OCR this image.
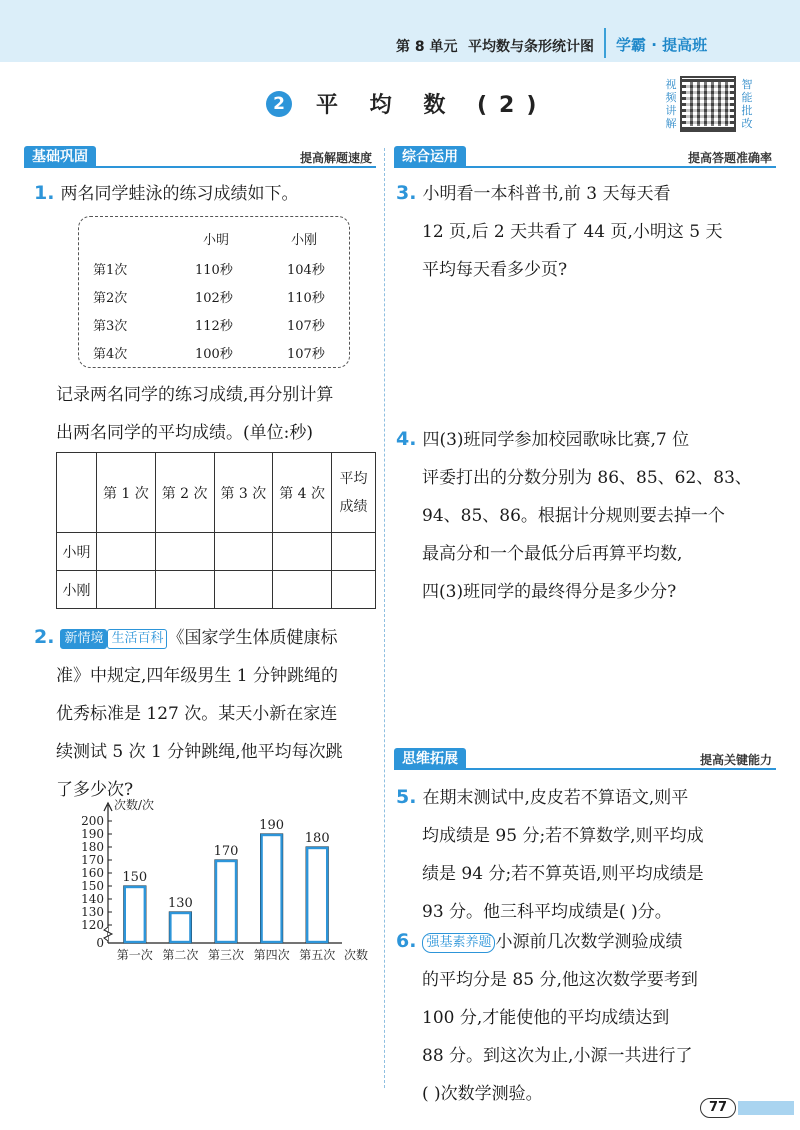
第 8 单元 平均数与条形统计图 学霸 · 提高班
2	平 均 数 (2)
视频讲解
智能批改
基础巩固	提高解题速度	综合运用	提高答题准确率
思维拓展	提高关键能力
1. 两名同学蛙泳的练习成绩如下。
小明	小刚
第1次	110秒	104秒
第2次	102秒	110秒
第3次	112秒	107秒
第4次	100秒	107秒
记录两名同学的练习成绩,再分别计算
出两名同学的平均成绩。(单位:秒)
	第 1 次	第 2 次	第 3 次	第 4 次	平均
成绩

小明					
小刚					
2. 新情境 生活百科 《国家学生体质健康标
准》中规定,四年级男生 1 分钟跳绳的
优秀标准是 127 次。某天小新在家连
续测试 5 次 1 分钟跳绳,他平均每次跳
了多少次?
0
120
130
140
150
160
170
180
190
200
次数/次
150
第一次
130
第二次
170
第三次
190
第四次
180
第五次 次数
3. 小明看一本科普书,前 3 天每天看
12 页,后 2 天共看了 44 页,小明这 5 天
平均每天看多少页?
4. 四(3)班同学参加校园歌咏比赛,7 位
评委打出的分数分别为 86、85、62、83、
94、85、86。根据计分规则要去掉一个
最高分和一个最低分后再算平均数,
四(3)班同学的最终得分是多少分?
5. 在期末测试中,皮皮若不算语文,则平
均成绩是 95 分;若不算数学,则平均成
绩是 94 分;若不算英语,则平均成绩是
93 分。他三科平均成绩是( )分。
6. 强基素养题 小源前几次数学测验成绩
的平均分是 85 分,他这次数学要考到
100 分,才能使他的平均成绩达到
88 分。到这次为止,小源一共进行了
( )次数学测验。
77
